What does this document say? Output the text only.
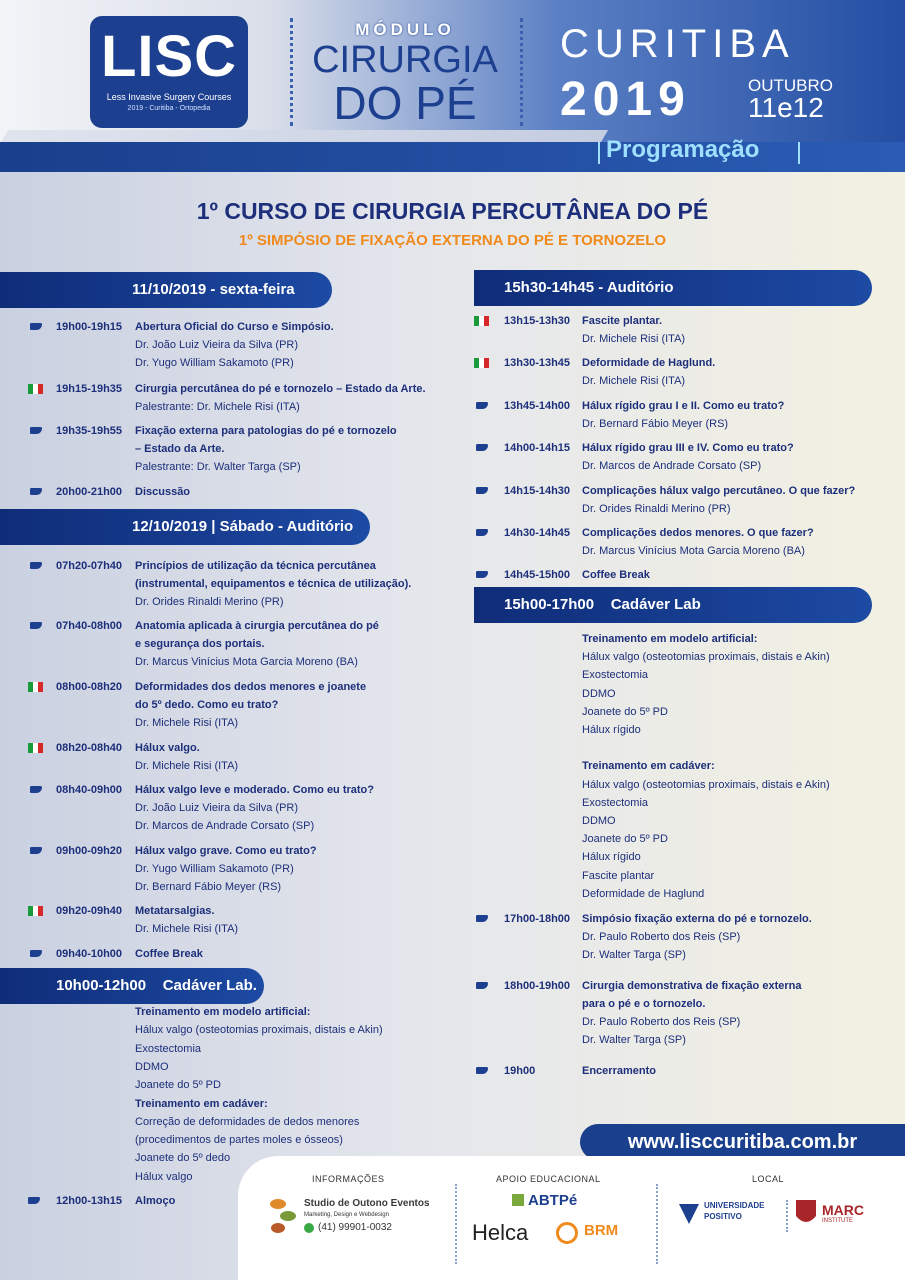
LISC
Less Invasive Surgery Courses
2019 - Curitiba - Ortopedia
MÓDULO
CIRURGIA
DO PÉ
CURITIBA
2019	OUTUBRO
11e12
Programação
1º CURSO DE CIRURGIA PERCUTÂNEA DO PÉ
1º SIMPÓSIO DE FIXAÇÃO EXTERNA DO PÉ E TORNOZELO
11/10/2019 - sexta-feira
19h00-19h15 Abertura Oficial do Curso e Simpósio.
Dr. João Luiz Vieira da Silva (PR)
Dr. Yugo William Sakamoto (PR)
19h15-19h35 Cirurgia percutânea do pé e tornozelo – Estado da Arte.
Palestrante: Dr. Michele Risi (ITA)
19h35-19h55 Fixação externa para patologias do pé e tornozelo
– Estado da Arte.
Palestrante: Dr. Walter Targa (SP)
20h00-21h00 Discussão
12/10/2019 | Sábado - Auditório
07h20-07h40 Princípios de utilização da técnica percutânea
(instrumental, equipamentos e técnica de utilização).
Dr. Orides Rinaldi Merino (PR)
07h40-08h00 Anatomia aplicada à cirurgia percutânea do pé
e segurança dos portais.
Dr. Marcus Vinícius Mota Garcia Moreno (BA)
08h00-08h20 Deformidades dos dedos menores e joanete
do 5º dedo. Como eu trato?
Dr. Michele Risi (ITA)
08h20-08h40 Hálux valgo.
Dr. Michele Risi (ITA)
08h40-09h00 Hálux valgo leve e moderado. Como eu trato?
Dr. João Luiz Vieira da Silva (PR)
Dr. Marcos de Andrade Corsato (SP)
09h00-09h20 Hálux valgo grave. Como eu trato?
Dr. Yugo William Sakamoto (PR)
Dr. Bernard Fábio Meyer (RS)
09h20-09h40 Metatarsalgias.
Dr. Michele Risi (ITA)
09h40-10h00 Coffee Break
10h00-12h00    Cadáver Lab.
Treinamento em modelo artificial:
Hálux valgo (osteotomias proximais, distais e Akin)
Exostectomia
DDMO
Joanete do 5º PD
Treinamento em cadáver:
Correção de deformidades de dedos menores
(procedimentos de partes moles e ósseos)
Joanete do 5º dedo
Hálux valgo
12h00-13h15 Almoço
15h30-14h45 - Auditório
13h15-13h30 Fascite plantar.
Dr. Michele Risi (ITA)
13h30-13h45 Deformidade de Haglund.
Dr. Michele Risi (ITA)
13h45-14h00 Hálux rígido grau I e II. Como eu trato?
Dr. Bernard Fábio Meyer (RS)
14h00-14h15 Hálux rígido grau III e IV. Como eu trato?
Dr. Marcos de Andrade Corsato (SP)
14h15-14h30 Complicações hálux valgo percutâneo. O que fazer?
Dr. Orides Rinaldi Merino (PR)
14h30-14h45 Complicações dedos menores. O que fazer?
Dr. Marcus Vinícius Mota Garcia Moreno (BA)
14h45-15h00 Coffee Break
15h00-17h00    Cadáver Lab
Treinamento em modelo artificial:
Hálux valgo (osteotomias proximais, distais e Akin)
Exostectomia
DDMO
Joanete do 5º PD
Hálux rígido
Treinamento em cadáver:
Hálux valgo (osteotomias proximais, distais e Akin)
Exostectomia
DDMO
Joanete do 5º PD
Hálux rígido
Fascite plantar
Deformidade de Haglund
17h00-18h00 Simpósio fixação externa do pé e tornozelo.
Dr. Paulo Roberto dos Reis (SP)
Dr. Walter Targa (SP)
18h00-19h00 Cirurgia demonstrativa de fixação externa
para o pé e o tornozelo.
Dr. Paulo Roberto dos Reis (SP)
Dr. Walter Targa (SP)
19h00	Encerramento
www.lisccuritiba.com.br
INFORMAÇÕES	APOIO EDUCACIONAL	LOCAL
Studio de Outono Eventos
Marketing, Design e Webdesign
(41) 99901-0032
ABTPé
Helca	BRM
UNIVERSIDADE POSITIVO	MARC
INSTITUTE
